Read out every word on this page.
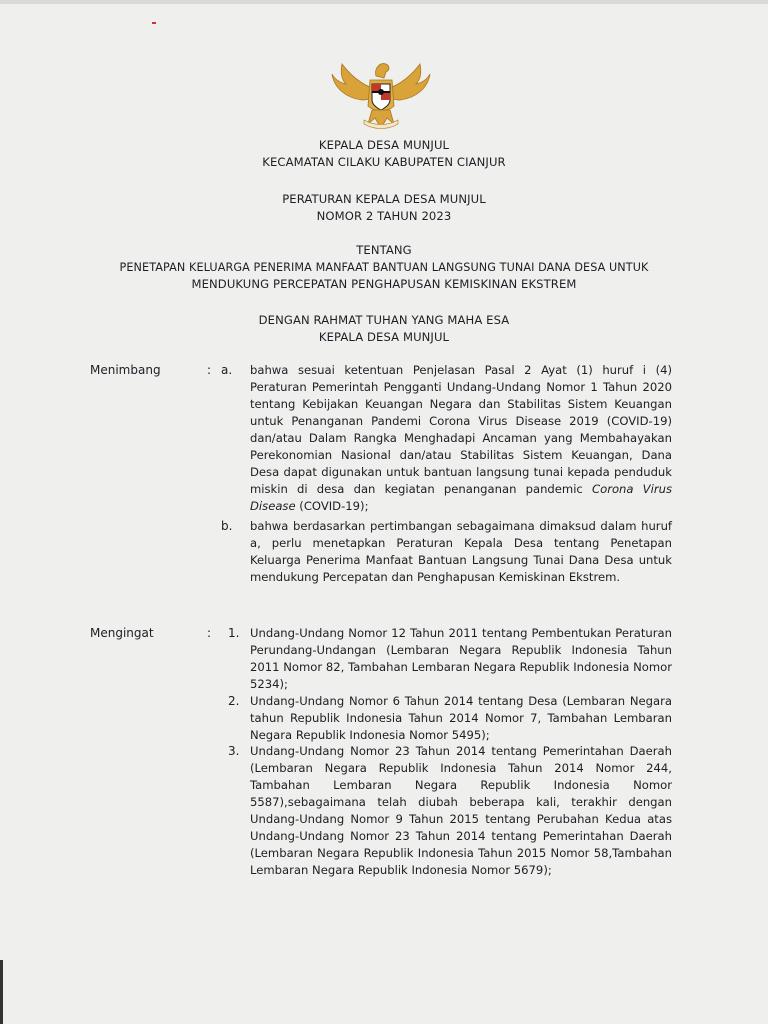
KEPALA DESA MUNJUL
KECAMATAN CILAKU KABUPATEN CIANJUR
PERATURAN KEPALA DESA MUNJUL
NOMOR 2 TAHUN 2023
TENTANG
PENETAPAN KELUARGA PENERIMA MANFAAT BANTUAN LANGSUNG TUNAI DANA DESA UNTUK
MENDUKUNG PERCEPATAN PENGHAPUSAN KEMISKINAN EKSTREM
DENGAN RAHMAT TUHAN YANG MAHA ESA
KEPALA DESA MUNJUL
Menimbang	: a. bahwa sesuai ketentuan Penjelasan Pasal 2 Ayat (1) huruf i (4) Peraturan Pemerintah Pengganti Undang-Undang Nomor 1 Tahun 2020 tentang Kebijakan Keuangan Negara dan Stabilitas Sistem Keuangan untuk Penanganan Pandemi Corona Virus Disease 2019 (COVID-19) dan/atau Dalam Rangka Menghadapi Ancaman yang Membahayakan Perekonomian Nasional dan/atau Stabilitas Sistem Keuangan, Dana Desa dapat digunakan untuk bantuan langsung tunai kepada penduduk miskin di desa dan kegiatan penanganan pandemic Corona Virus Disease (COVID-19);
b. bahwa berdasarkan pertimbangan sebagaimana dimaksud dalam huruf a, perlu menetapkan Peraturan Kepala Desa tentang Penetapan Keluarga Penerima Manfaat Bantuan Langsung Tunai Dana Desa untuk mendukung Percepatan dan Penghapusan Kemiskinan Ekstrem.
Mengingat	: 1. Undang-Undang Nomor 12 Tahun 2011 tentang Pembentukan Peraturan Perundang-Undangan (Lembaran Negara Republik Indonesia Tahun 2011 Nomor 82, Tambahan Lembaran Negara Republik Indonesia Nomor 5234);
2. Undang-Undang Nomor 6 Tahun 2014 tentang Desa (Lembaran Negara tahun Republik Indonesia Tahun 2014 Nomor 7, Tambahan Lembaran Negara Republik Indonesia Nomor 5495);
3. Undang-Undang Nomor 23 Tahun 2014 tentang Pemerintahan Daerah (Lembaran Negara Republik Indonesia Tahun 2014 Nomor 244, Tambahan Lembaran Negara Republik Indonesia Nomor 5587),sebagaimana telah diubah beberapa kali, terakhir dengan Undang-Undang Nomor 9 Tahun 2015 tentang Perubahan Kedua atas Undang-Undang Nomor 23 Tahun 2014 tentang Pemerintahan Daerah (Lembaran Negara Republik Indonesia Tahun 2015 Nomor 58,Tambahan Lembaran Negara Republik Indonesia Nomor 5679);
